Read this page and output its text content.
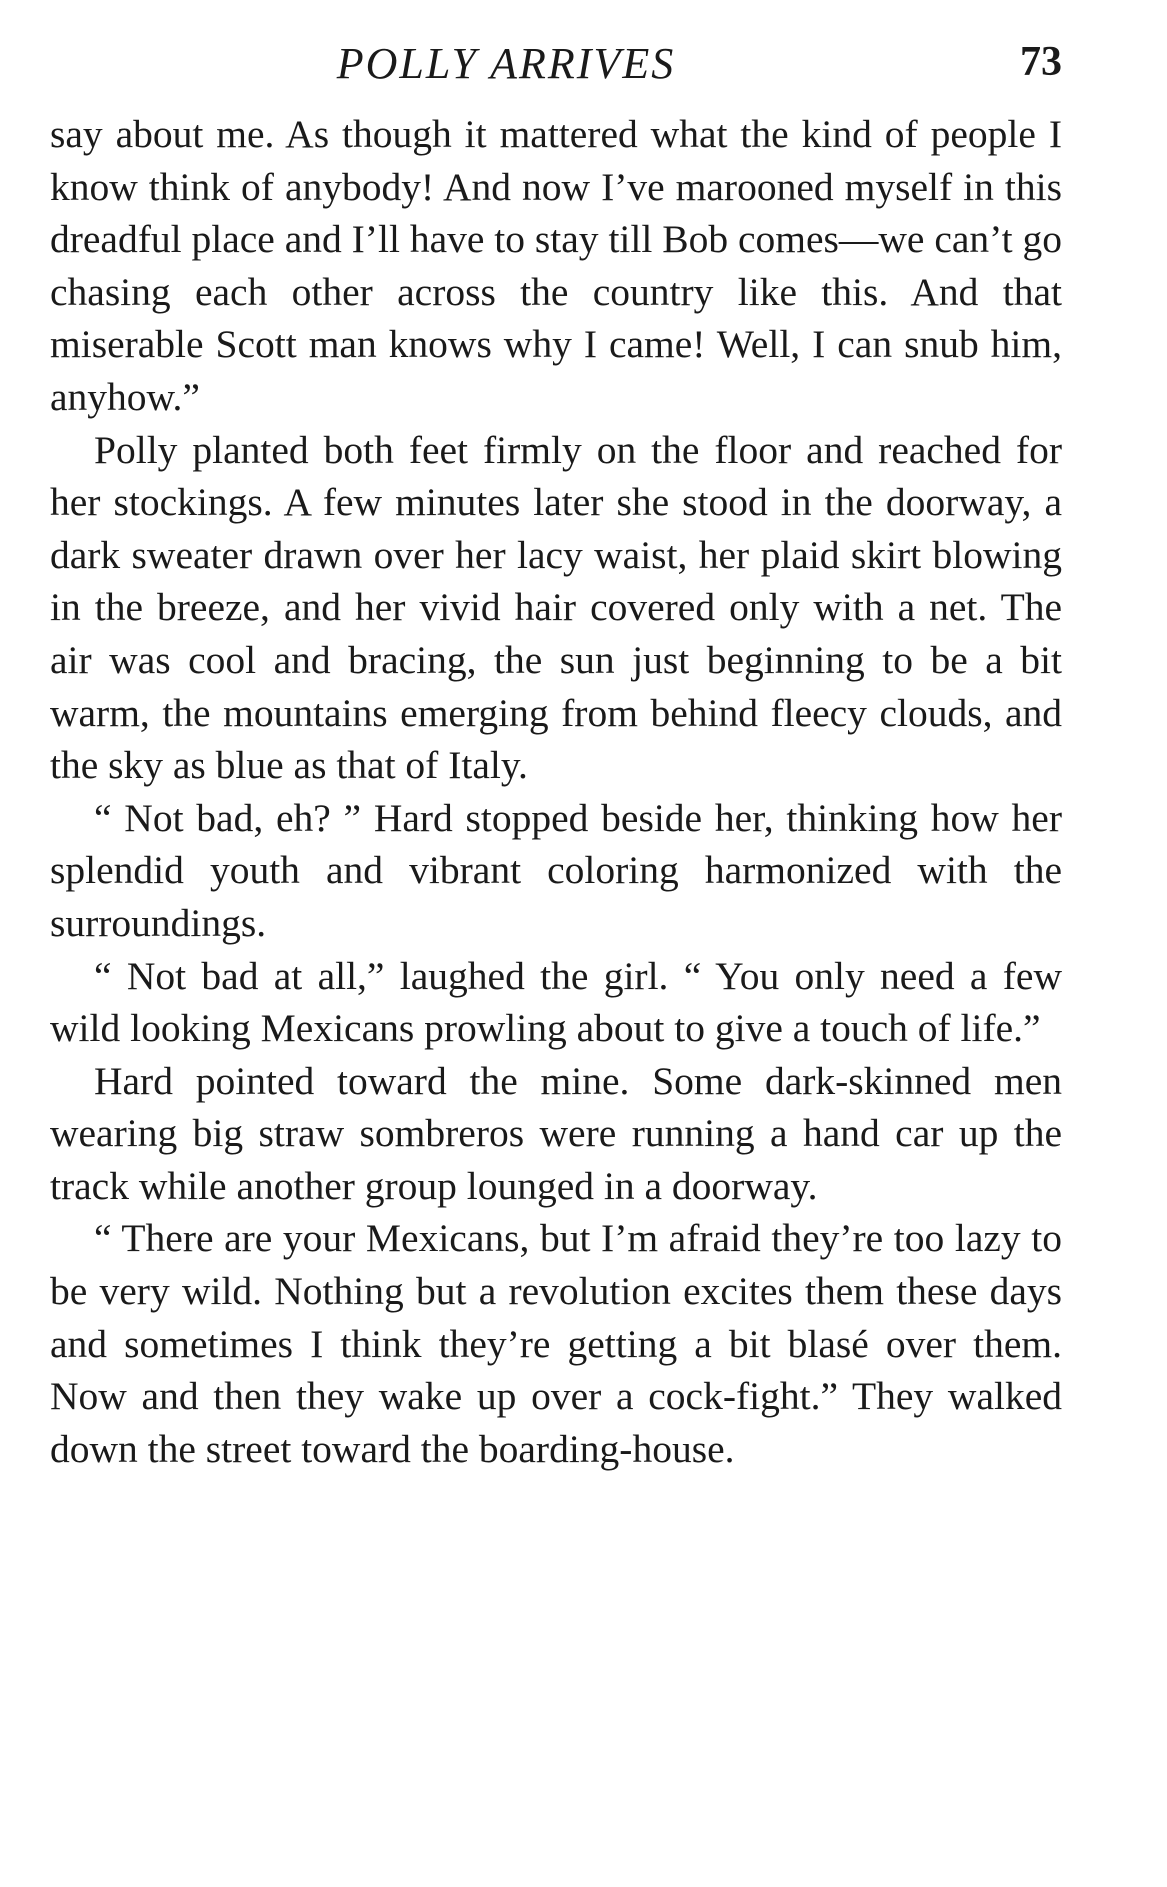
POLLY ARRIVES	73

say about me. As though it mattered what the kind of people I know think of anybody! And now I’ve marooned myself in this dreadful place and I’ll have to stay till Bob comes—we can’t go chasing each other across the country like this. And that miserable Scott man knows why I came! Well, I can snub him, anyhow.”

Polly planted both feet firmly on the floor and reached for her stockings. A few minutes later she stood in the doorway, a dark sweater drawn over her lacy waist, her plaid skirt blowing in the breeze, and her vivid hair covered only with a net. The air was cool and bracing, the sun just beginning to be a bit warm, the mountains emerging from behind fleecy clouds, and the sky as blue as that of Italy.

“ Not bad, eh? ” Hard stopped beside her, thinking how her splendid youth and vibrant coloring harmonized with the surroundings.

“ Not bad at all,” laughed the girl. “ You only need a few wild looking Mexicans prowling about to give a touch of life.”

Hard pointed toward the mine. Some dark-skinned men wearing big straw sombreros were running a hand car up the track while another group lounged in a doorway.

“ There are your Mexicans, but I’m afraid they’re too lazy to be very wild. Nothing but a revolution excites them these days and sometimes I think they’re getting a bit blasé over them. Now and then they wake up over a cock-fight.” They walked down the street toward the boarding-house.
